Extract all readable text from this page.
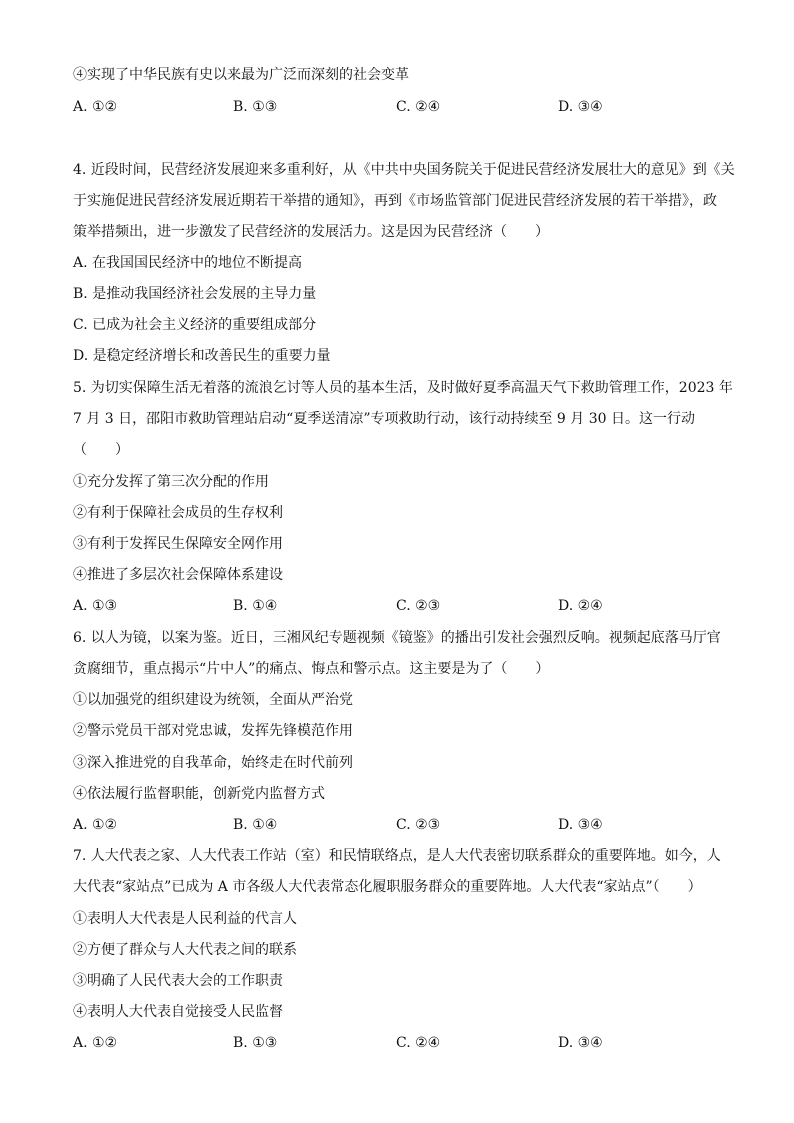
④实现了中华民族有史以来最为广泛而深刻的社会变革
A. ①②	B. ①③	C. ②④	D. ③④
4. 近段时间，民营经济发展迎来多重利好，从《中共中央国务院关于促进民营经济发展壮大的意见》到《关
于实施促进民营经济发展近期若干举措的通知》，再到《市场监管部门促进民营经济发展的若干举措》，政
策举措频出，进一步激发了民营经济的发展活力。这是因为民营经济（　　）
A. 在我国国民经济中的地位不断提高
B. 是推动我国经济社会发展的主导力量
C. 已成为社会主义经济的重要组成部分
D. 是稳定经济增长和改善民生的重要力量
5. 为切实保障生活无着落的流浪乞讨等人员的基本生活，及时做好夏季高温天气下救助管理工作，2023 年
7 月 3 日，邵阳市救助管理站启动“夏季送清凉”专项救助行动，该行动持续至 9 月 30 日。这一行动
（　　）
①充分发挥了第三次分配的作用
②有利于保障社会成员的生存权利
③有利于发挥民生保障安全网作用
④推进了多层次社会保障体系建设
A. ①③	B. ①④	C. ②③	D. ②④
6. 以人为镜，以案为鉴。近日，三湘风纪专题视频《镜鉴》的播出引发社会强烈反响。视频起底落马厅官
贪腐细节，重点揭示“片中人”的痛点、悔点和警示点。这主要是为了（　　）
①以加强党的组织建设为统领，全面从严治党
②警示党员干部对党忠诚，发挥先锋模范作用
③深入推进党的自我革命，始终走在时代前列
④依法履行监督职能，创新党内监督方式
A. ①②	B. ①④	C. ②③	D. ③④
7. 人大代表之家、人大代表工作站（室）和民情联络点，是人大代表密切联系群众的重要阵地。如今，人
大代表“家站点”已成为 A 市各级人大代表常态化履职服务群众的重要阵地。人大代表“家站点”（　　）
①表明人大代表是人民利益的代言人
②方便了群众与人大代表之间的联系
③明确了人民代表大会的工作职责
④表明人大代表自觉接受人民监督
A. ①②	B. ①③	C. ②④	D. ③④
